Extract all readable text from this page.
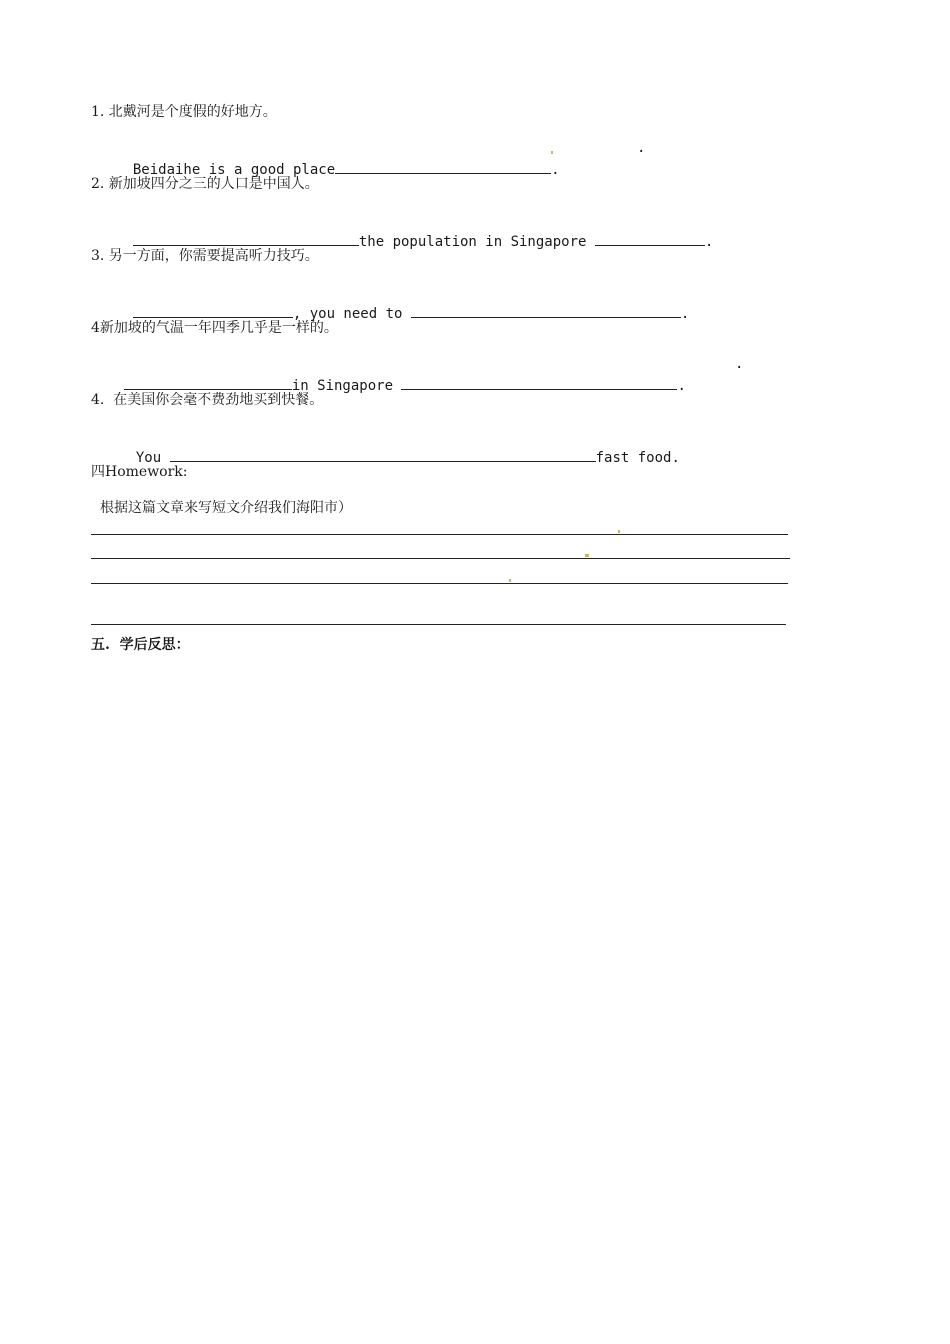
1. 北戴河是个度假的好地方。

Beidaihe is a good place	.

.
2. 新加坡四分之三的人口是中国人。

the population in Singapore	.

3. 另一方面，你需要提高听力技巧。

, you need to	.

4新加坡的气温一年四季几乎是一样的。

in Singapore	.

.
4.  在美国你会毫不费劲地买到快餐。

You	fast food.

四Homework:
根据这篇文章来写短文介绍我们海阳市）
五.  学后反思：
